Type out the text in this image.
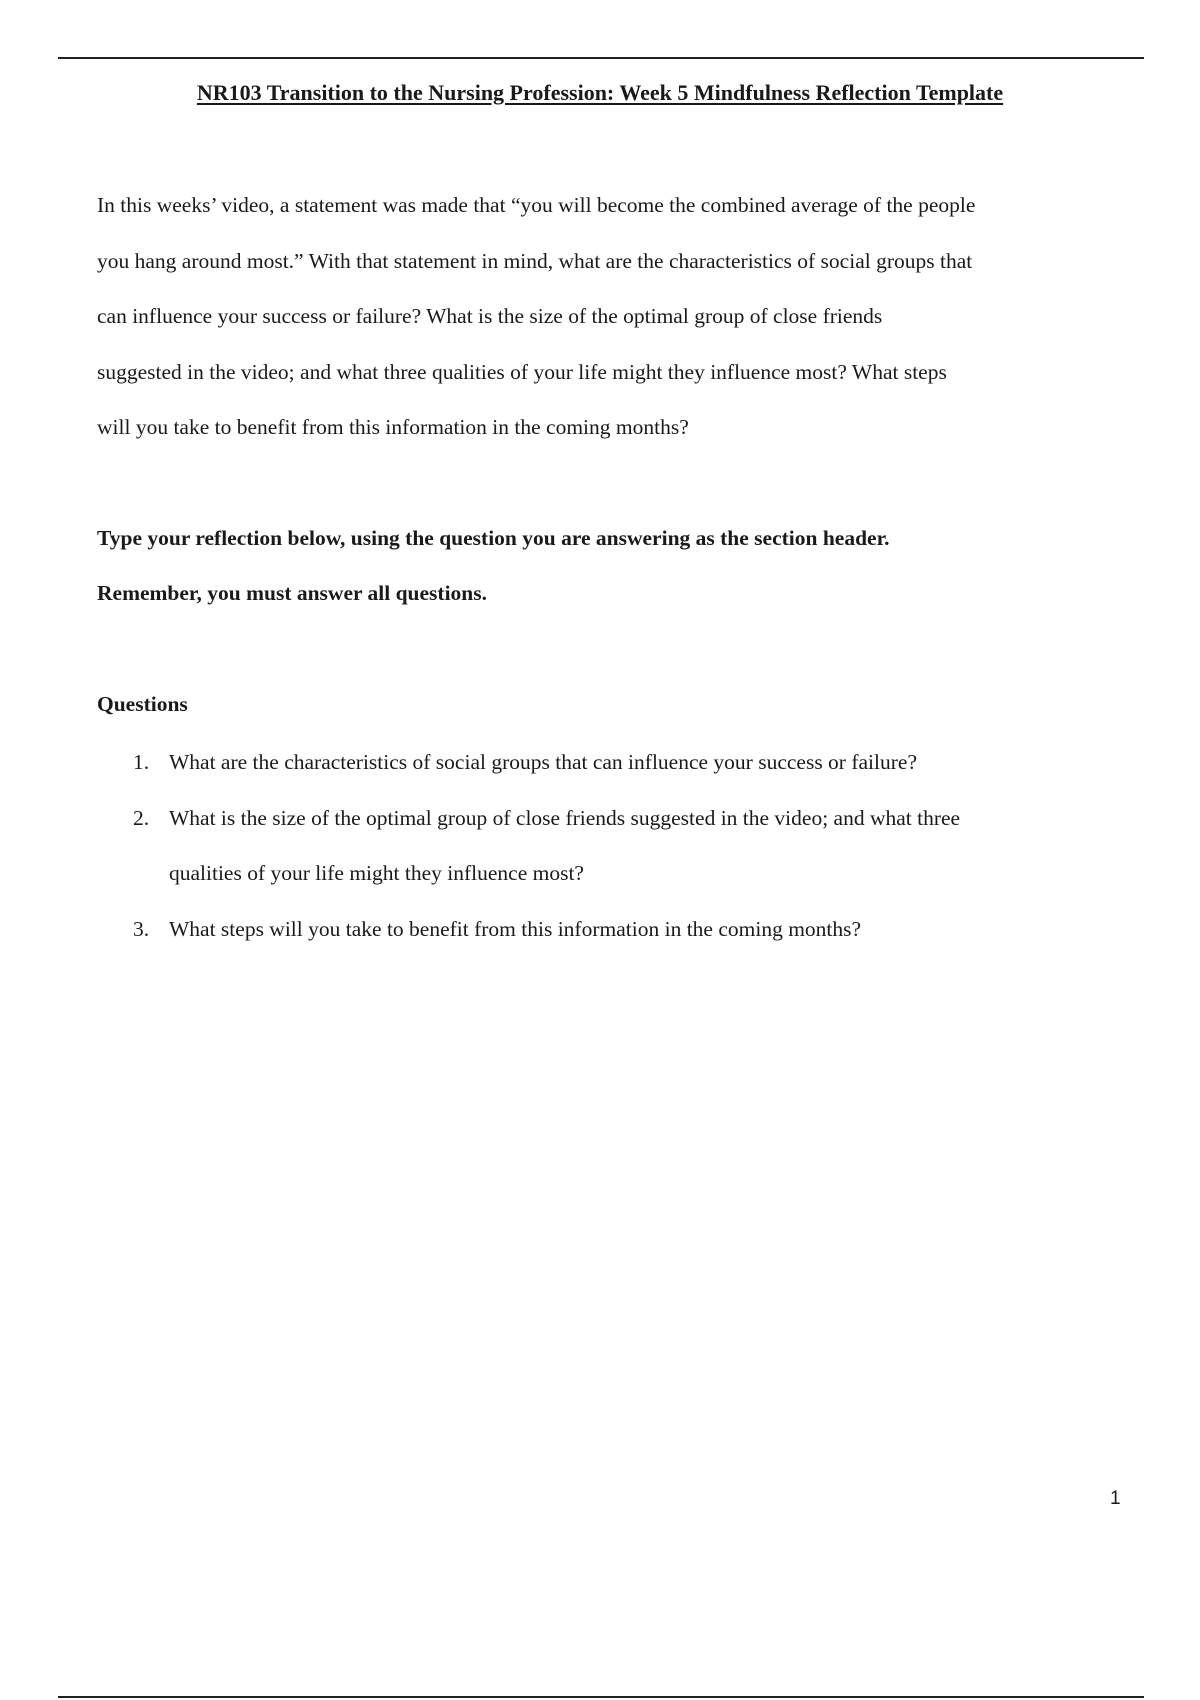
NR103 Transition to the Nursing Profession: Week 5 Mindfulness Reflection Template
In this weeks’ video, a statement was made that “you will become the combined average of the people
you hang around most.” With that statement in mind, what are the characteristics of social groups that
can influence your success or failure? What is the size of the optimal group of close friends
suggested in the video; and what three qualities of your life might they influence most? What steps
will you take to benefit from this information in the coming months?
Type your reflection below, using the question you are answering as the section header.
Remember, you must answer all questions.
Questions
1. What are the characteristics of social groups that can influence your success or failure?
2. What is the size of the optimal group of close friends suggested in the video; and what three
qualities of your life might they influence most?
3. What steps will you take to benefit from this information in the coming months?
1
